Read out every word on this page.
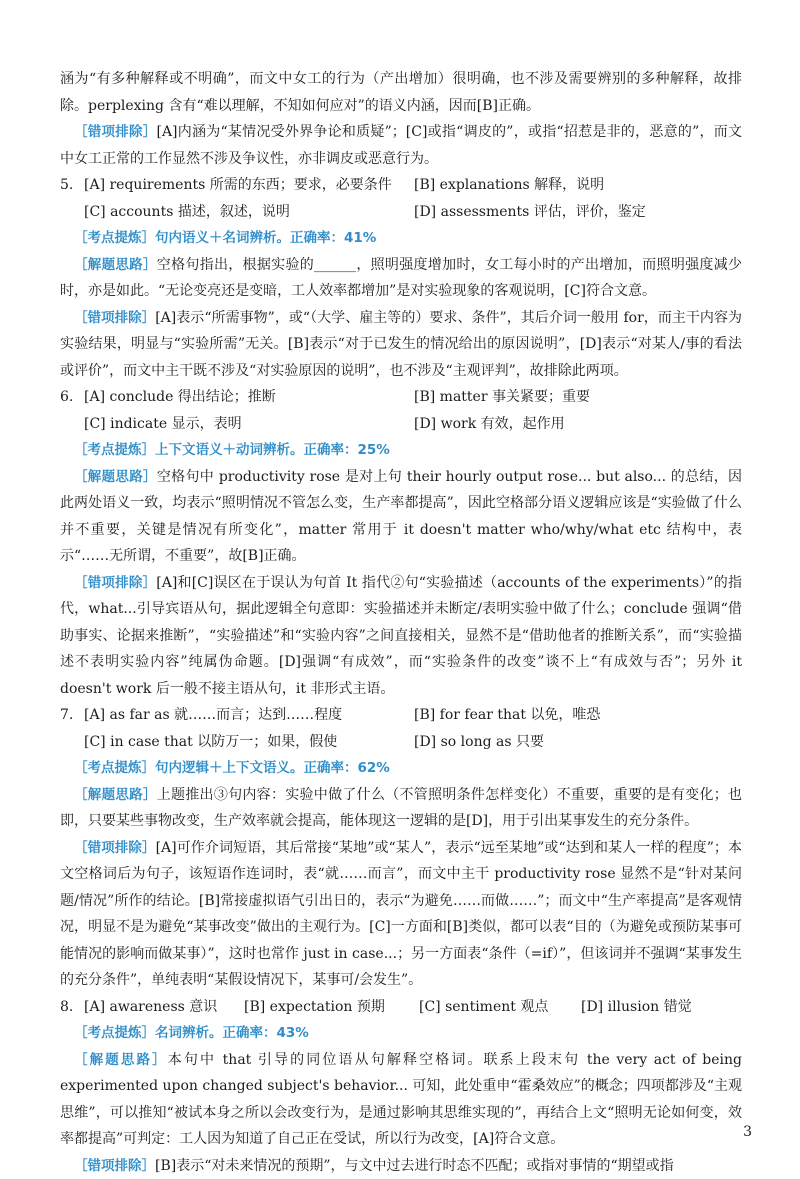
涵为“有多种解释或不明确”，而文中女工的行为（产出增加）很明确，也不涉及需要辨别的多种解释，故排除。perplexing 含有“难以理解，不知如何应对”的语义内涵，因而[B]正确。

［错项排除］[A]内涵为“某情况受外界争论和质疑”；[C]或指“调皮的”，或指“招惹是非的，恶意的”，而文中女工正常的工作显然不涉及争议性，亦非调皮或恶意行为。

5. [A] requirements 所需的东西；要求，必要条件	[B] explanations 解释，说明
[C] accounts 描述，叙述，说明	[D] assessments 评估，评价，鉴定

［考点提炼］句内语义＋名词辨析。正确率：41%

［解题思路］空格句指出，根据实验的______，照明强度增加时，女工每小时的产出增加，而照明强度减少时，亦是如此。“无论变亮还是变暗，工人效率都增加”是对实验现象的客观说明，[C]符合文意。

［错项排除］[A]表示“所需事物”，或“（大学、雇主等的）要求、条件”，其后介词一般用 for，而主干内容为实验结果，明显与“实验所需”无关。[B]表示“对于已发生的情况给出的原因说明”，[D]表示“对某人/事的看法或评价”，而文中主干既不涉及“对实验原因的说明”，也不涉及“主观评判”，故排除此两项。

6. [A] conclude 得出结论；推断	[B] matter 事关紧要；重要
[C] indicate 显示，表明	[D] work 有效，起作用

［考点提炼］上下文语义＋动词辨析。正确率：25%

［解题思路］空格句中 productivity rose 是对上句 their hourly output rose... but also... 的总结，因此两处语义一致，均表示“照明情况不管怎么变，生产率都提高”，因此空格部分语义逻辑应该是“实验做了什么并不重要，关键是情况有所变化”，matter 常用于 it doesn't matter who/why/what etc 结构中，表示“……无所谓，不重要”，故[B]正确。

［错项排除］[A]和[C]误区在于误认为句首 It 指代②句“实验描述（accounts of the experiments）”的指代，what...引导宾语从句，据此逻辑全句意即：实验描述并未断定/表明实验中做了什么；conclude 强调“借助事实、论据来推断”，“实验描述”和“实验内容”之间直接相关，显然不是“借助他者的推断关系”，而“实验描述不表明实验内容”纯属伪命题。[D]强调“有成效”，而“实验条件的改变”谈不上“有成效与否”；另外 it doesn't work 后一般不接主语从句，it 非形式主语。

7. [A] as far as 就……而言；达到……程度	[B] for fear that 以免，唯恐
[C] in case that 以防万一；如果，假使	[D] so long as 只要

［考点提炼］句内逻辑＋上下文语义。正确率：62%

［解题思路］上题推出③句内容：实验中做了什么（不管照明条件怎样变化）不重要，重要的是有变化；也即，只要某些事物改变，生产效率就会提高，能体现这一逻辑的是[D]，用于引出某事发生的充分条件。

［错项排除］[A]可作介词短语，其后常接“某地”或“某人”，表示“远至某地”或“达到和某人一样的程度”；本文空格词后为句子，该短语作连词时，表“就……而言”，而文中主干 productivity rose 显然不是“针对某问题/情况”所作的结论。[B]常接虚拟语气引出日的，表示“为避免……而做……”；而文中“生产率提高”是客观情况，明显不是为避免“某事改变”做出的主观行为。[C]一方面和[B]类似，都可以表“目的（为避免或预防某事可能情况的影响而做某事）”，这时也常作 just in case...；另一方面表“条件（=if）”，但该词并不强调“某事发生的充分条件”，单纯表明“某假设情况下，某事可/会发生”。

8. [A] awareness 意识	[B] expectation 预期	[C] sentiment 观点	[D] illusion 错觉

［考点提炼］名词辨析。正确率：43%

［解题思路］本句中 that 引导的同位语从句解释空格词。联系上段末句 the very act of being experimented upon changed subject's behavior... 可知，此处重申“霍桑效应”的概念；四项都涉及“主观思维”，可以推知“被试本身之所以会改变行为，是通过影响其思维实现的”，再结合上文“照明无论如何变，效率都提高”可判定：工人因为知道了自己正在受试，所以行为改变，[A]符合文意。

［错项排除］[B]表示“对未来情况的预期”，与文中过去进行时态不匹配；或指对事情的“期望或指

3
